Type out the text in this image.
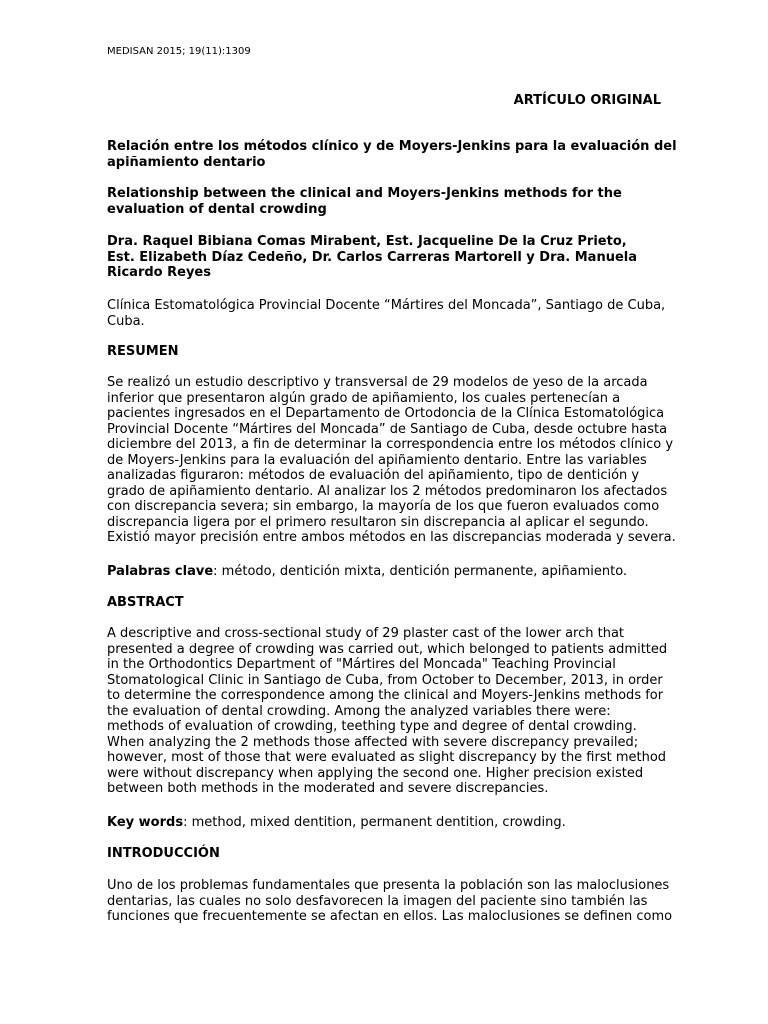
MEDISAN 2015; 19(11):1309
ARTÍCULO ORIGINAL
Relación entre los métodos clínico y de Moyers-Jenkins para la evaluación del
apiñamiento dentario
Relationship between the clinical and Moyers-Jenkins methods for the
evaluation of dental crowding
Dra. Raquel Bibiana Comas Mirabent, Est. Jacqueline De la Cruz Prieto,
Est. Elizabeth Díaz Cedeño, Dr. Carlos Carreras Martorell y Dra. Manuela
Ricardo Reyes
Clínica Estomatológica Provincial Docente “Mártires del Moncada”, Santiago de Cuba,
Cuba.
RESUMEN
Se realizó un estudio descriptivo y transversal de 29 modelos de yeso de la arcada
inferior que presentaron algún grado de apiñamiento, los cuales pertenecían a
pacientes ingresados en el Departamento de Ortodoncia de la Clínica Estomatológica
Provincial Docente “Mártires del Moncada” de Santiago de Cuba, desde octubre hasta
diciembre del 2013, a fin de determinar la correspondencia entre los métodos clínico y
de Moyers-Jenkins para la evaluación del apiñamiento dentario. Entre las variables
analizadas figuraron: métodos de evaluación del apiñamiento, tipo de dentición y
grado de apiñamiento dentario. Al analizar los 2 métodos predominaron los afectados
con discrepancia severa; sin embargo, la mayoría de los que fueron evaluados como
discrepancia ligera por el primero resultaron sin discrepancia al aplicar el segundo.
Existió mayor precisión entre ambos métodos en las discrepancias moderada y severa.
Palabras clave: método, dentición mixta, dentición permanente, apiñamiento.
ABSTRACT
A descriptive and cross-sectional study of 29 plaster cast of the lower arch that
presented a degree of crowding was carried out, which belonged to patients admitted
in the Orthodontics Department of "Mártires del Moncada" Teaching Provincial
Stomatological Clinic in Santiago de Cuba, from October to December, 2013, in order
to determine the correspondence among the clinical and Moyers-Jenkins methods for
the evaluation of dental crowding. Among the analyzed variables there were:
methods of evaluation of crowding, teething type and degree of dental crowding.
When analyzing the 2 methods those affected with severe discrepancy prevailed;
however, most of those that were evaluated as slight discrepancy by the first method
were without discrepancy when applying the second one. Higher precision existed
between both methods in the moderated and severe discrepancies.
Key words: method, mixed dentition, permanent dentition, crowding.
INTRODUCCIÓN
Uno de los problemas fundamentales que presenta la población son las maloclusiones
dentarias, las cuales no solo desfavorecen la imagen del paciente sino también las
funciones que frecuentemente se afectan en ellos. Las maloclusiones se definen como
